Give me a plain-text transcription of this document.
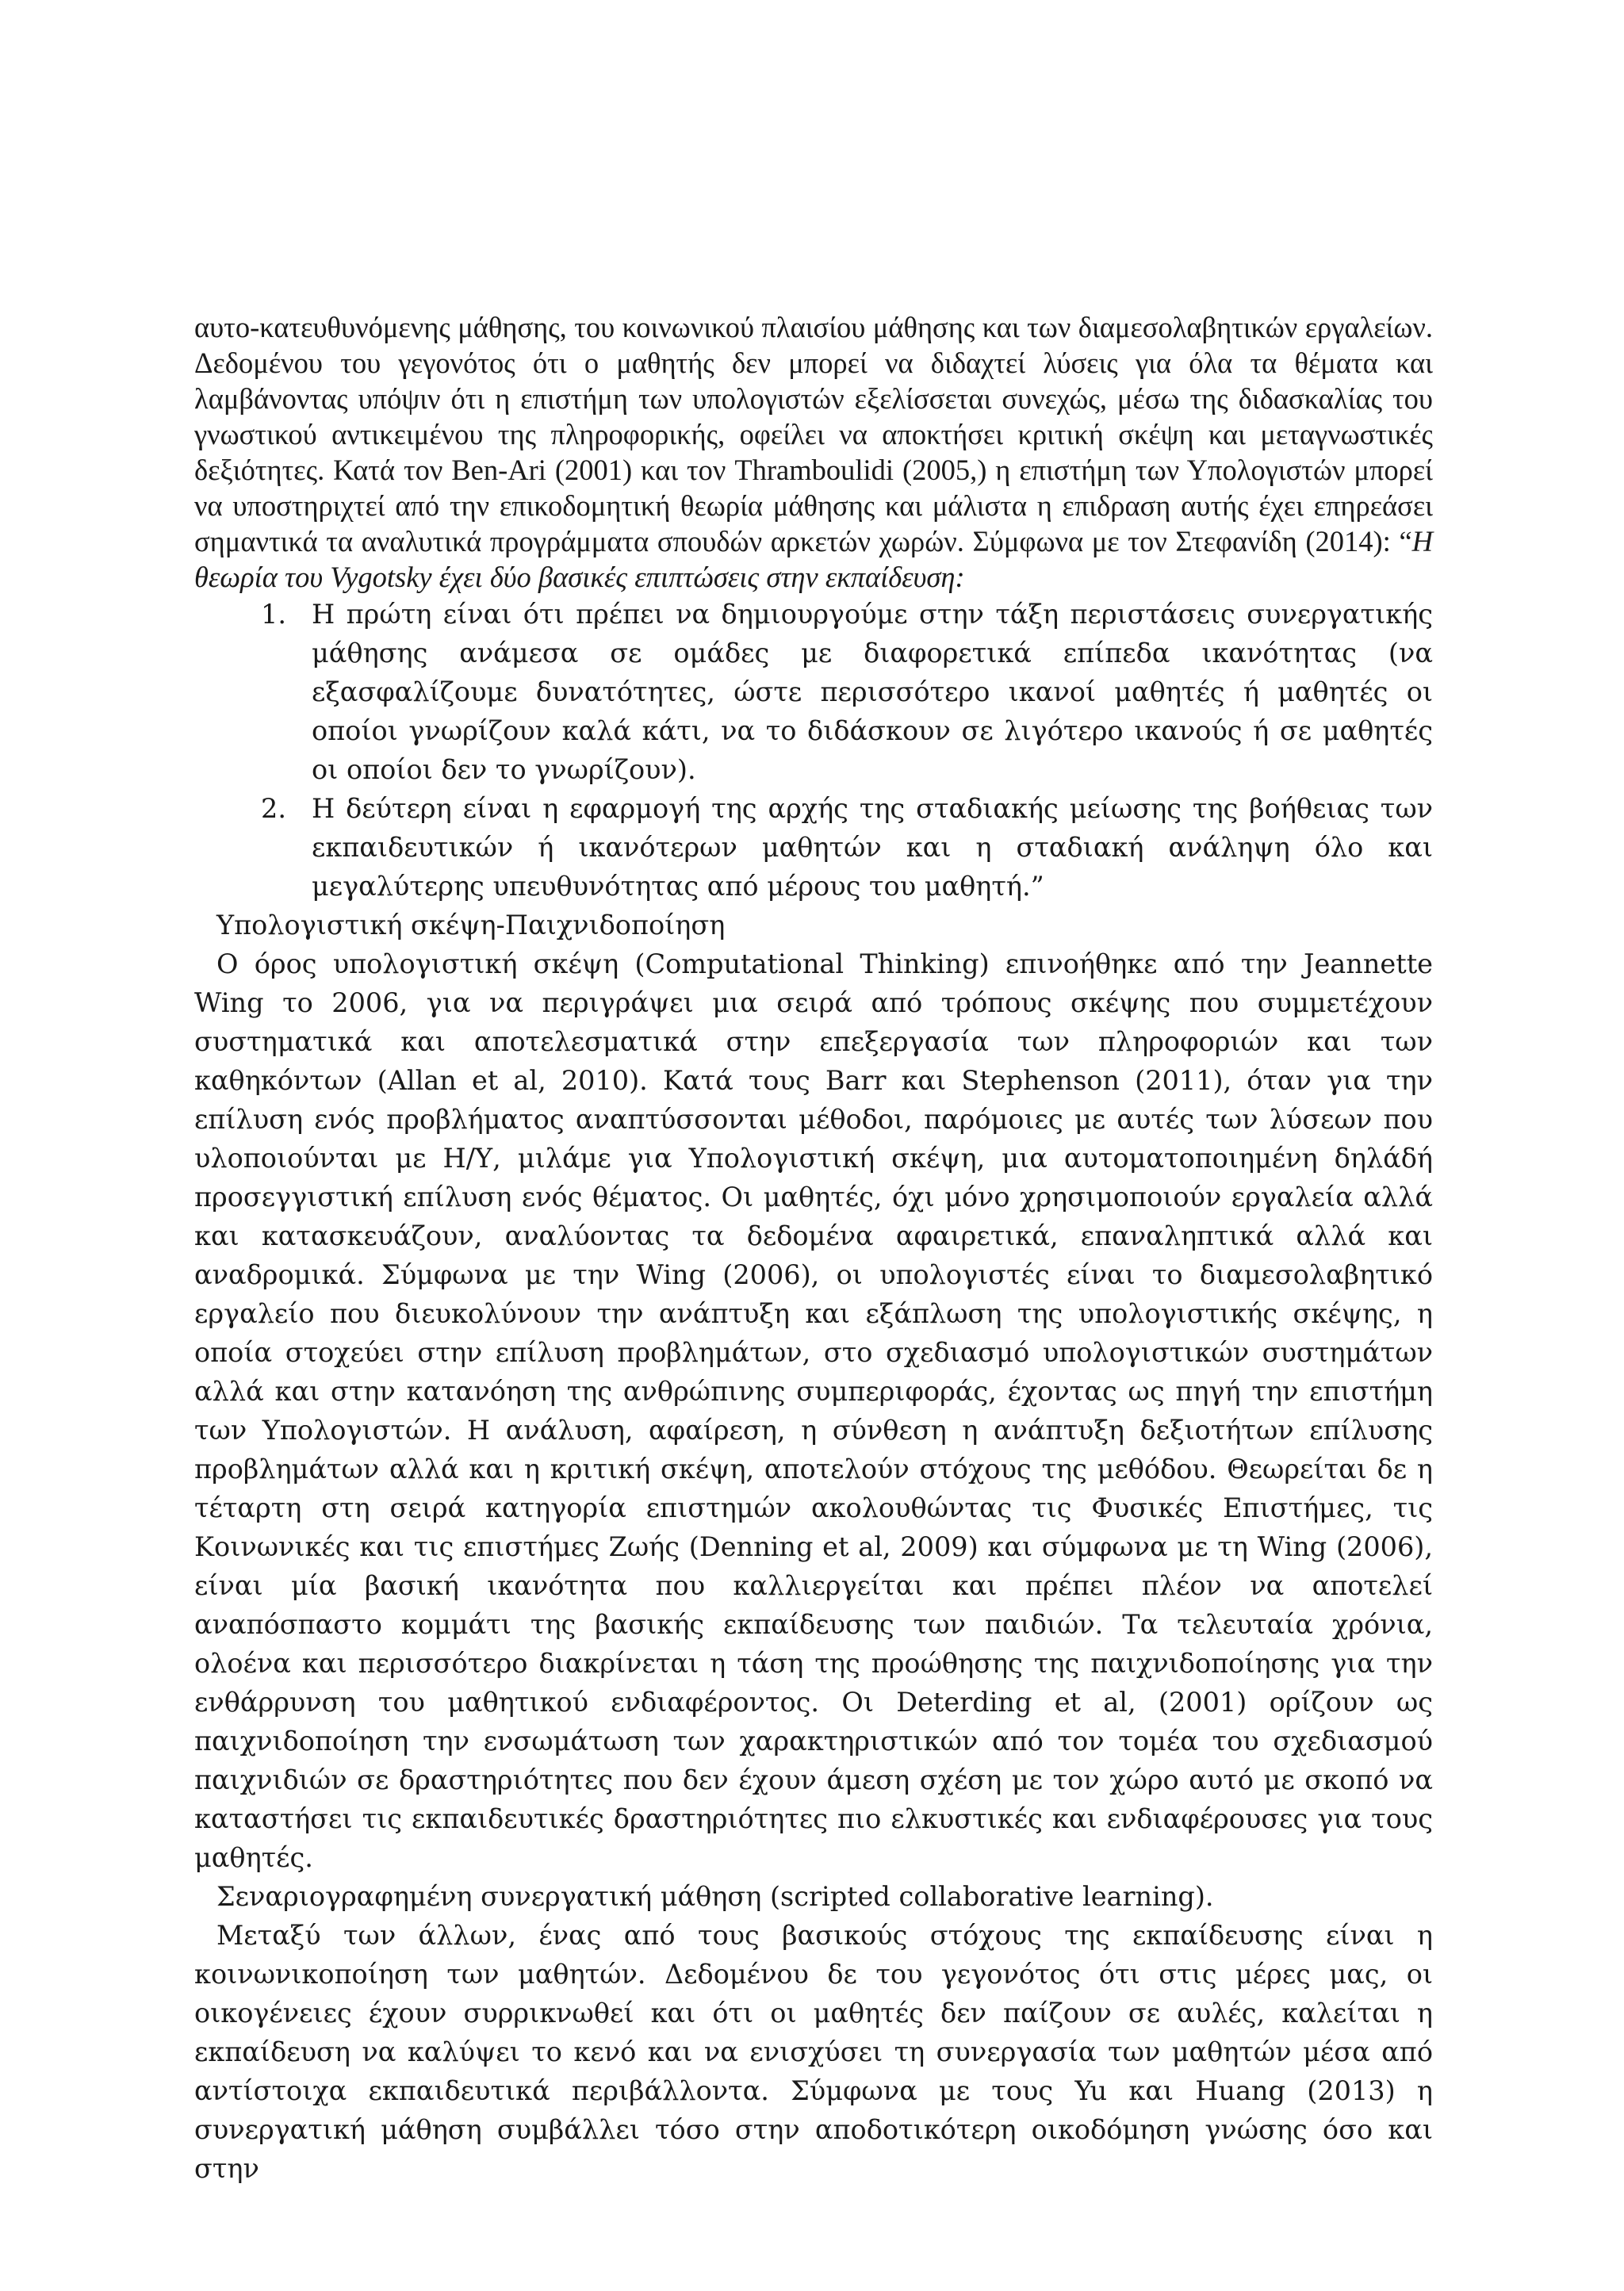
αυτο-κατευθυνόμενης μάθησης, του κοινωνικού πλαισίου μάθησης και των διαμεσολαβητικών εργαλείων. Δεδομένου του γεγονότος ότι ο μαθητής δεν μπορεί να διδαχτεί λύσεις για όλα τα θέματα και λαμβάνοντας υπόψιν ότι η επιστήμη των υπολογιστών εξελίσσεται συνεχώς, μέσω της διδασκαλίας του γνωστικού αντικειμένου της πληροφορικής, οφείλει να αποκτήσει κριτική σκέψη και μεταγνωστικές δεξιότητες. Κατά τον Ben-Ari (2001) και τον Thramboulidi (2005,) η επιστήμη των Υπολογιστών μπορεί να υποστηριχτεί από την επικοδομητική θεωρία μάθησης και μάλιστα η επιδραση αυτής έχει επηρεάσει σημαντικά τα αναλυτικά προγράμματα σπουδών αρκετών χωρών. Σύμφωνα με τον Στεφανίδη (2014): “Η θεωρία του Vygotsky έχει δύο βασικές επιπτώσεις στην εκπαίδευση:

1. Η πρώτη είναι ότι πρέπει να δημιουργούμε στην τάξη περιστάσεις συνεργατικής μάθησης ανάμεσα σε ομάδες με διαφορετικά επίπεδα ικανότητας (να εξασφαλίζουμε δυνατότητες, ώστε περισσότερο ικανοί μαθητές ή μαθητές οι οποίοι γνωρίζουν καλά κάτι, να το διδάσκουν σε λιγότερο ικανούς ή σε μαθητές οι οποίοι δεν το γνωρίζουν).
2. Η δεύτερη είναι η εφαρμογή της αρχής της σταδιακής μείωσης της βοήθειας των εκπαιδευτικών ή ικανότερων μαθητών και η σταδιακή ανάληψη όλο και μεγαλύτερης υπευθυνότητας από μέρους του μαθητή.”

Υπολογιστική σκέψη-Παιχνιδοποίηση

Ο όρος υπολογιστική σκέψη (Computational Thinking) επινοήθηκε από την Jeannette Wing το 2006, για να περιγράψει μια σειρά από τρόπους σκέψης που συμμετέχουν συστηματικά και αποτελεσματικά στην επεξεργασία των πληροφοριών και των καθηκόντων (Allan et al, 2010). Κατά τους Barr και Stephenson (2011), όταν για την επίλυση ενός προβλήματος αναπτύσσονται μέθοδοι, παρόμοιες με αυτές των λύσεων που υλοποιούνται με Η/Υ, μιλάμε για Υπολογιστική σκέψη, μια αυτοματοποιημένη δηλάδή προσεγγιστική επίλυση ενός θέματος. Οι μαθητές, όχι μόνο χρησιμοποιούν εργαλεία αλλά και κατασκευάζουν, αναλύοντας τα δεδομένα αφαιρετικά, επαναληπτικά αλλά και αναδρομικά. Σύμφωνα με την Wing (2006), οι υπολογιστές είναι το διαμεσολαβητικό εργαλείο που διευκολύνουν την ανάπτυξη και εξάπλωση της υπολογιστικής σκέψης, η οποία στοχεύει στην επίλυση προβλημάτων, στο σχεδιασμό υπολογιστικών συστημάτων αλλά και στην κατανόηση της ανθρώπινης συμπεριφοράς, έχοντας ως πηγή την επιστήμη των Υπολογιστών. Η ανάλυση, αφαίρεση, η σύνθεση η ανάπτυξη δεξιοτήτων επίλυσης προβλημάτων αλλά και η κριτική σκέψη, αποτελούν στόχους της μεθόδου. Θεωρείται δε η τέταρτη στη σειρά κατηγορία επιστημών ακολουθώντας τις Φυσικές Επιστήμες, τις Κοινωνικές και τις επιστήμες Ζωής (Denning et al, 2009) και σύμφωνα με τη Wing (2006), είναι μία βασική ικανότητα που καλλιεργείται και πρέπει πλέον να αποτελεί αναπόσπαστο κομμάτι της βασικής εκπαίδευσης των παιδιών. Τα τελευταία χρόνια, ολοένα και περισσότερο διακρίνεται η τάση της προώθησης της παιχνιδοποίησης για την ενθάρρυνση του μαθητικού ενδιαφέροντος. Οι Deterding et al, (2001) ορίζουν ως παιχνιδοποίηση την ενσωμάτωση των χαρακτηριστικών από τον τομέα του σχεδιασμού παιχνιδιών σε δραστηριότητες που δεν έχουν άμεση σχέση με τον χώρο αυτό με σκοπό να καταστήσει τις εκπαιδευτικές δραστηριότητες πιο ελκυστικές και ενδιαφέρουσες για τους μαθητές.

Σεναριογραφημένη συνεργατική μάθηση (scripted collaborative learning).

Μεταξύ των άλλων, ένας από τους βασικούς στόχους της εκπαίδευσης είναι η κοινωνικοποίηση των μαθητών. Δεδομένου δε του γεγονότος ότι στις μέρες μας, οι οικογένειες έχουν συρρικνωθεί και ότι οι μαθητές δεν παίζουν σε αυλές, καλείται η εκπαίδευση να καλύψει το κενό και να ενισχύσει τη συνεργασία των μαθητών μέσα από αντίστοιχα εκπαιδευτικά περιβάλλοντα. Σύμφωνα με τους Yu και Huang (2013) η συνεργατική μάθηση συμβάλλει τόσο στην αποδοτικότερη οικοδόμηση γνώσης όσο και στην
